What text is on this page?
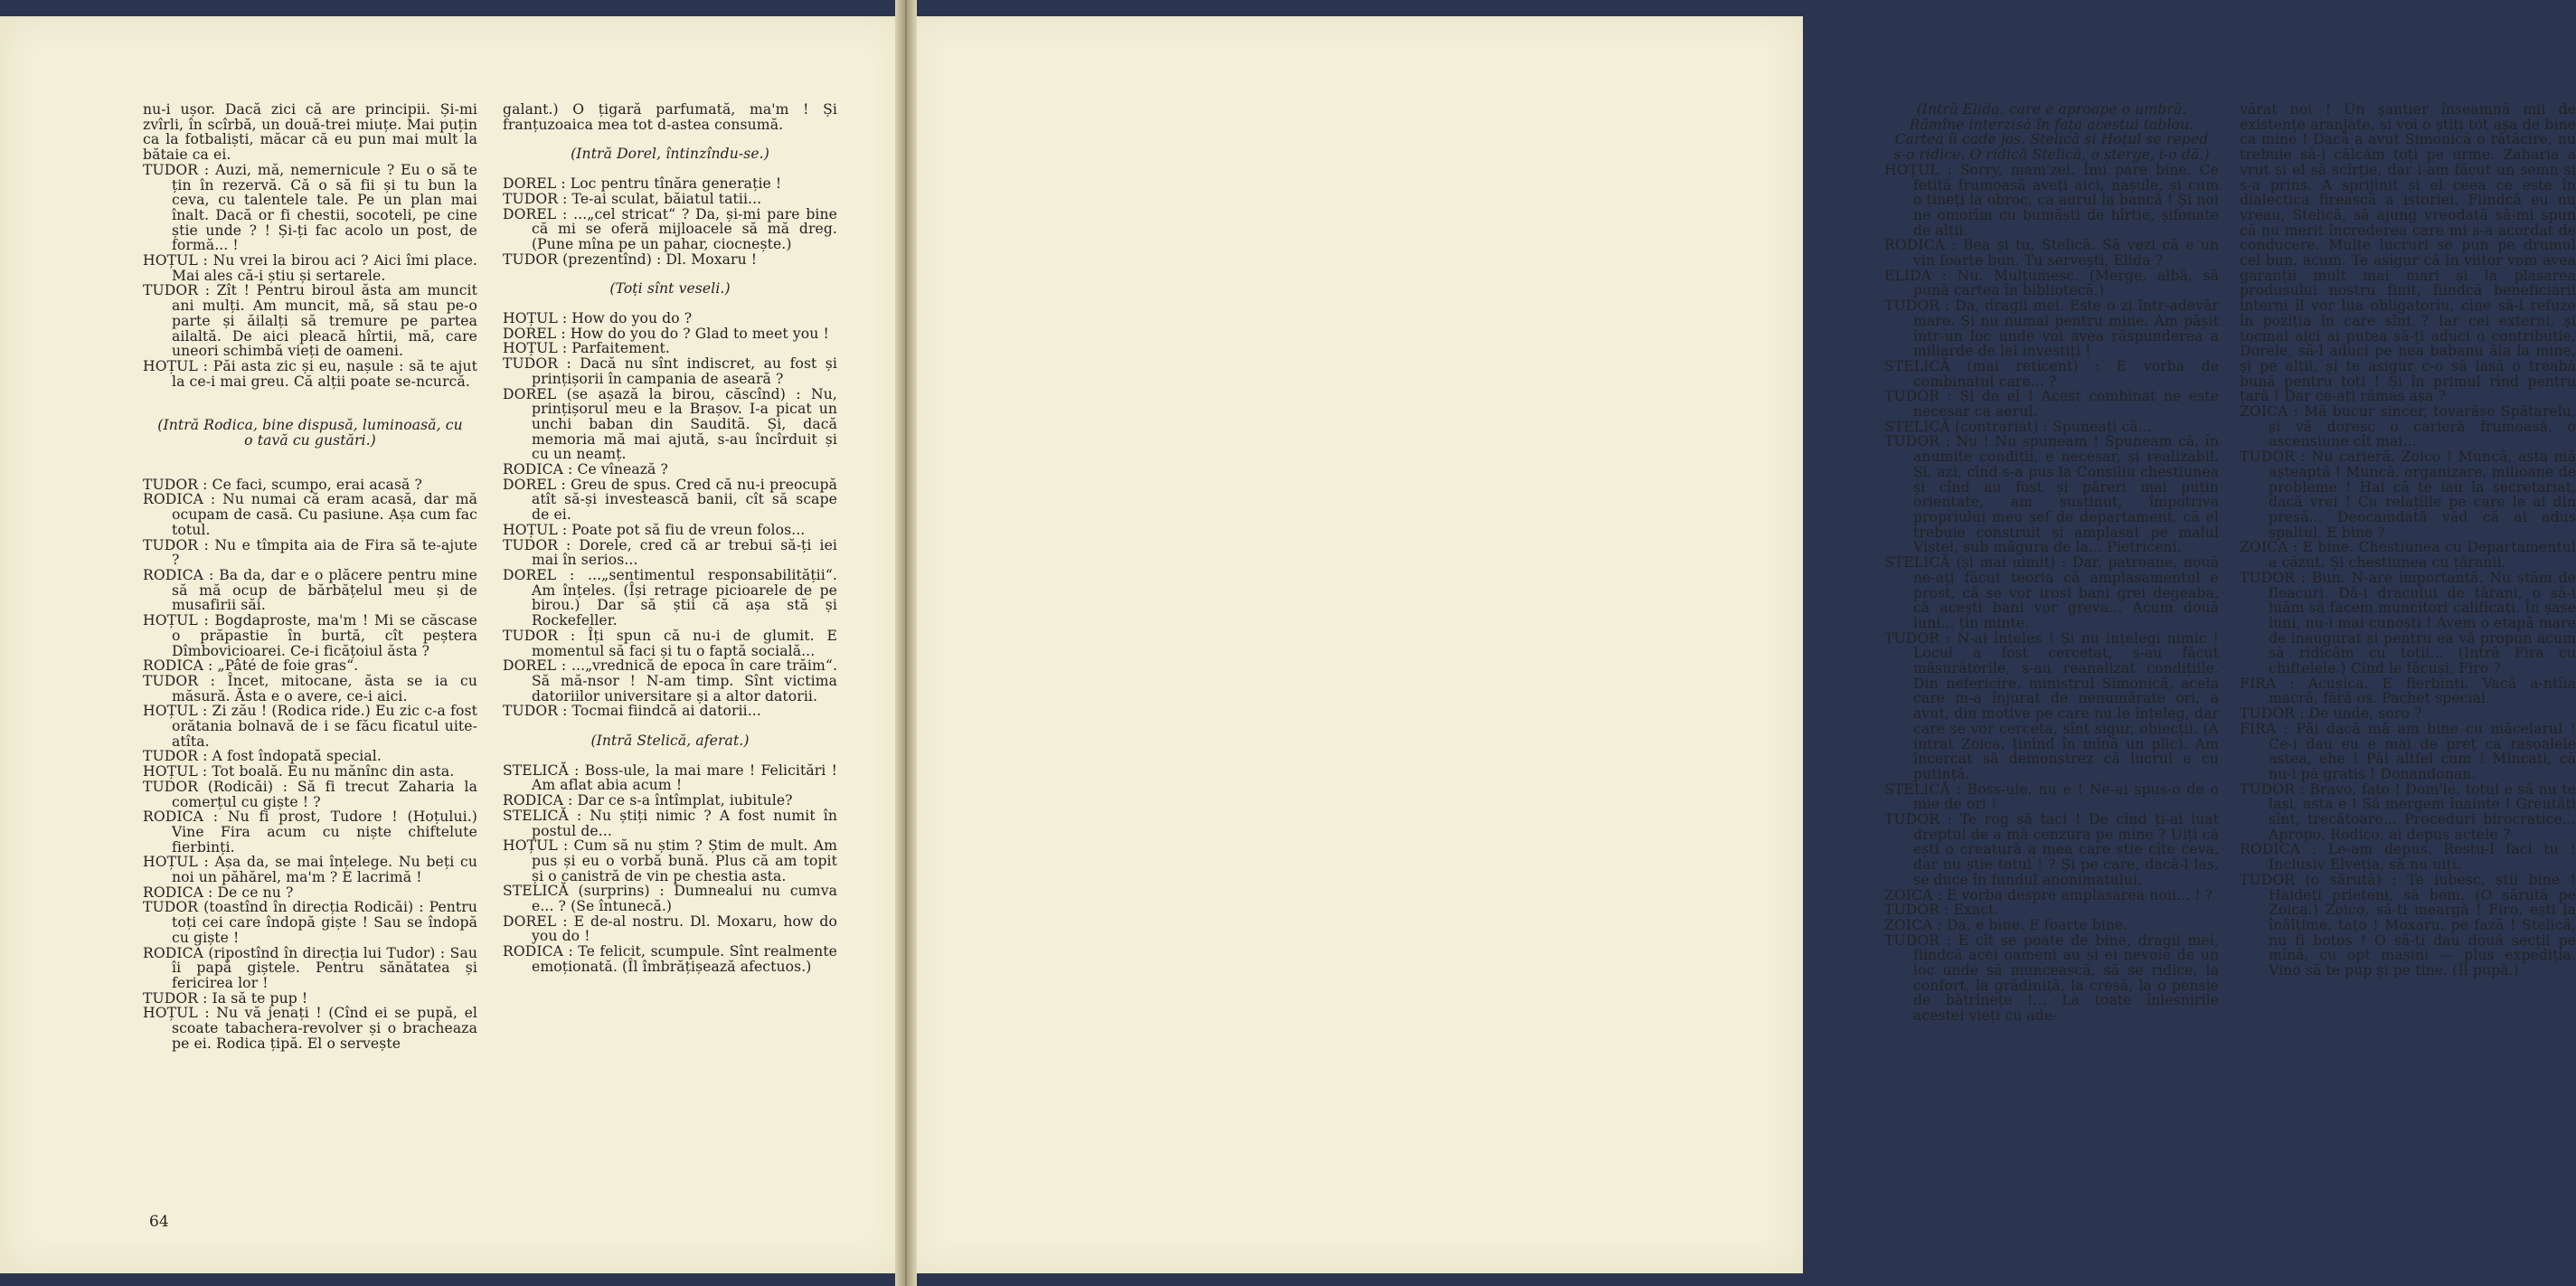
nu-i ușor. Dacă zici că are principii. Și-mi zvîrli, în scîrbă, un două-trei miuțe. Mai puțin ca la fotbaliști, măcar că eu pun mai mult la bătaie ca ei.

TUDOR : Auzi, mă, nemernicule ? Eu o să te țin în rezervă. Că o să fii și tu bun la ceva, cu talentele tale. Pe un plan mai înalt. Dacă or fi chestii, socoteli, pe cine știe unde ? ! Și-ți fac acolo un post, de formă... !

HOȚUL : Nu vrei la birou aci ? Aici îmi place. Mai ales că-i știu și sertarele.

TUDOR : Zît ! Pentru biroul ăsta am muncit ani mulți. Am muncit, mă, să stau pe-o parte și ăilalți să tremure pe partea ailaltă. De aici pleacă hîrtii, mă, care uneori schimbă vieți de oameni.

HOȚUL : Păi asta zic și eu, nașule : să te ajut la ce-i mai greu. Că alții poate se-ncurcă.

(Intră Rodica, bine dispusă, luminoasă, cu o tavă cu gustări.)

TUDOR : Ce faci, scumpo, erai acasă ?

RODICA : Nu numai că eram acasă, dar mă ocupam de casă. Cu pasiune. Așa cum fac totul.

TUDOR : Nu e tîmpita aia de Fira să te-ajute ?

RODICA : Ba da, dar e o plăcere pentru mine să mă ocup de bărbățelul meu și de musafirii săi.

HOȚUL : Bogdaproste, ma'm ! Mi se căscase o prăpastie în burtă, cît peștera Dîmbovicioarei. Ce-i ficățoiul ăsta ?

RODICA : „Pâté de foie gras“.

TUDOR : Încet, mitocane, ăsta se ia cu măsură. Ăsta e o avere, ce-i aici.

HOȚUL : Zi zău ! (Rodica ride.) Eu zic c-a fost orătania bolnavă de i se făcu ficatul uite-atîta.

TUDOR : A fost îndopată special.

HOȚUL : Tot boală. Eu nu mănînc din asta.

TUDOR (Rodicăi) : Să fi trecut Zaharia la comerțul cu giște ! ?

RODICA : Nu fi prost, Tudore ! (Hoțului.) Vine Fira acum cu niște chiftelute fierbinți.

HOȚUL : Așa da, se mai înțelege. Nu beți cu noi un păhărel, ma'm ? E lacrimă !

RODICA : De ce nu ?

TUDOR (toastînd în direcția Rodicăi) : Pentru toți cei care îndopă giște ! Sau se îndopă cu giște !

RODICA (ripostînd în direcția lui Tudor) : Sau îi papă giștele. Pentru sănătatea și fericirea lor !

TUDOR : Ia să te pup !

HOȚUL : Nu vă jenați ! (Cînd ei se pupă, el scoate tabachera-revolver și o bracheaza pe ei. Rodica țipă. El o servește

galant.) O țigară parfumată, ma'm ! Și franțuzoaica mea tot d-astea consumă.

(Intră Dorel, întinzîndu-se.)

DOREL : Loc pentru tînăra generație !

TUDOR : Te-ai sculat, băiatul tatii...

DOREL : ...„cel stricat“ ? Da, și-mi pare bine că mi se oferă mijloacele să mă dreg. (Pune mîna pe un pahar, ciocnește.)

TUDOR (prezentînd) : Dl. Moxaru !

(Toți sînt veseli.)

HOȚUL : How do you do ?

DOREL : How do you do ? Glad to meet you !

HOȚUL : Parfaitement.

TUDOR : Dacă nu sînt indiscret, au fost și prințișorii în campania de aseară ?

DOREL (se așază la birou, căscînd) : Nu, prințișorul meu e la Brașov. I-a picat un unchi baban din Sauditã. Și, dacă memoria mă mai ajută, s-au încîrduit și cu un neamț.

RODICA : Ce vînează ?

DOREL : Greu de spus. Cred că nu-i preocupă atît să-și investească banii, cît să scape de ei.

HOȚUL : Poate pot să fiu de vreun folos...

TUDOR : Dorele, cred că ar trebui să-ți iei mai în serios...

DOREL : ...„sentimentul responsabilității“. Am înțeles. (Își retrage picioarele de pe birou.) Dar să știi că așa stă și Rockefeller.

TUDOR : Îți spun că nu-i de glumit. E momentul să faci și tu o faptă socială...

DOREL : ...„vrednică de epoca în care trăim“. Să mă-nsor ! N-am timp. Sînt victima datoriilor universitare și a altor datorii.

TUDOR : Tocmai fiindcă ai datorii...

(Intră Stelică, aferat.)

STELICĂ : Boss-ule, la mai mare ! Felicitări ! Am aflat abia acum !

RODICA : Dar ce s-a întîmplat, iubitule?

STELICĂ : Nu știți nimic ? A fost numit în postul de...

HOȚUL : Cum să nu știm ? Știm de mult. Am pus și eu o vorbă bună. Plus că am topit și o canistră de vin pe chestia asta.

STELICĂ (surprins) : Dumnealui nu cumva e... ? (Se întunecă.)

DOREL : E de-al nostru. Dl. Moxaru, how do you do !

RODICA : Te felicit, scumpule. Sînt realmente emoționată. (Îl îmbrățișează afectuos.)

64

(Intră Elida, care e aproape o umbră. Rămîne interzisă în fața acestui tablou. Cartea îi cade jos. Stelică și Hoțul se reped s-o ridice. O ridică Stelică, o șterge, i-o dă.)

HOȚUL : Sorry, mam'zel. Îmi pare bine. Ce fetiță frumoasă aveți aici, nașule, și cum o țineți la obroc, ca aurul la bancă ! Și noi ne omorîm cu bumăști de hîrtie, șifonate de alții.

RODICA : Bea și tu, Stelică. Să vezi că e un vin foarte bun. Tu servești, Elida ?

ELIDA : Nu. Mulțumesc. (Merge, albă, să pună cartea în bibliotecă.)

TUDOR : Da, dragii mei. Este o zi într-adevăr mare. Și nu numai pentru mine. Am pășit într-un loc unde voi avea răspunderea a miliarde de lei investiți !

STELICĂ (mai reticent) : E vorba de combinatul care... ?

TUDOR : Și de el ! Acest combinat ne este necesar ca aerul.

STELICĂ (contrariat) : Spuneați că...

TUDOR : Nu ! Nu spuneam ! Spuneam că, în anumite condiții, e necesar, și realizabil. Și, azi, cînd s-a pus la Consiliu chestiunea și cînd au fost și păreri mai puțin orientate, am susținut, împotriva propriului meu șef de departament, că el trebuie construit și amplasat pe malul Viștei, sub măgura de la... Pietriceni.

STELICĂ (și mai uimit) : Dar, patroane, nouă ne-ați făcut teoria că amplasamentul e prost, că se vor irosi bani grei degeaba, că acești bani vor greva... Acum două luni... țin minte.

TUDOR : N-ai înțeles ! Și nu înțelegi nimic ! Locul a fost cercetat, s-au făcut măsurătorile, s-au reanalizat condițiile. Din nefericire, ministrul Simonică, acela care m-a înjurat de nenumărate ori, a avut, din motive pe care nu le înțeleg, dar care se vor cerceta, sînt sigur, obiecții. (A intrat Zoica, ținînd în mînă un plic). Am încercat să demonstrez că lucrul e cu putință.

STELICĂ : Boss-ule, nu e ! Ne-ai spus-o de o mie de ori !

TUDOR : Te rog să taci ! De cînd ți-ai luat dreptul de a mă cenzura pe mine ? Uiți că ești o creatură a mea care știe cîte ceva, dar nu știe totul ! ? Și pe care, dacă-l las, se duce în fundul anonimatului.

ZOICA : E vorba despre amplasarea noii... ! ?

TUDOR : Exact.

ZOICA : Da, e bine. E foarte bine.

TUDOR : E cît se poate de bine, dragii mei, fiindcă acei oameni au și ei nevoie de un loc unde să muncească, să se ridice, la confort, la grădiniță, la creșă, la o pensie de bătrînețe !... La toate înlesnirile acestei vieți cu ade-

vărat noi ! Un șantier înseamnă mii de existențe aranjate, și voi o știți tot așa de bine ca mine ! Dacă a avut Simonică o rătăcire, nu trebuie să-i călcăm toți pe urme. Zaharia a vrut și el să scîrție, dar i-am făcut un semn și s-a prins. A sprijinit și el ceea ce este în dialectica firească a istoriei. Fiindcă eu nu vreau, Stelică, să ajung vreodată să-mi spun că nu merit încrederea care mi s-a acordat de conducere. Multe lucruri se pun pe drumul cel bun, acum. Te asigur că în viitor vom avea garanții mult mai mari și la plasarea produsului nostru finit, fiindcă beneficiarii interni îl vor lua obligatoriu, cine să-l refuze în poziția în care sînt ? Iar cei externi, și tocmai aici ai putea să-ți aduci o contribuție, Dorele, să-l aduci pe nea babanu ăla la mine, și pe alții, și te asigur c-o să iasă o treabă bună pentru toți ! Și în primul rînd pentru țară ! Dar ce-ați rămas așa ?

ZOICA : Mă bucur sincer, tovarășe Spătarelu, și vă doresc o carieră frumoasă, o ascensiune cît mai...

TUDOR : Nu carieră, Zoico ! Muncă, asta mă așteaptă ! Muncă, organizare, milioane de probleme ! Hai că te iau la secretariat, dacă vrei ! Cu relațiile pe care le ai din presă... Deocamdată văd că ai adus șpaltul. E bine ?

ZOICA : E bine. Chestiunea cu Departamentul a căzut. Și chestiunea cu țăranii.

TUDOR : Bun. N-are importanță. Nu stăm de fleacuri. Dă-i dracului de țărani, o să-i luăm să facem muncitori calificați. În șase luni, nu-i mai cunoști ! Avem o etapă mare de inaugurat și pentru ea vă propun acum să ridicăm cu toții... (Intră Fira cu chiftelele.) Cînd le făcuși, Firo ?

FIRA : Acușica. E fierbinți. Vacă a-ntîia macră, fără os. Pachet special.

TUDOR : De unde, soro ?

FIRA : Păi dacă mă am bine cu măcelarul ! Ce-i dau eu e mai de preț ca rasoalele astea, ehe ! Păi altfel cum ! Mîncați, că nu-i pă gratis ! Donandonan.

TUDOR : Bravo, fato ! Dom'le, totul e să nu te lași, asta e ! Să mergem înainte ! Greutăți sînt, trecătoare... Proceduri birocratice... Apropo, Rodico, ai depus actele ?

RODICA : Le-am depus. Restu-l faci tu ! Inclusiv Elveția, să nu uiți.

TUDOR (o sărută) : Te iubesc, știi bine ! Haideți prieteni, să bem. (O sărută pe Zoica.) Zoico, să-ți meargă ! Firo, ești la înălțime, tațo ! Moxaru, pe fază ! Stelică, nu fi botos ! O să-ți dau două secții pe mînă, cu opt mașini — plus expediția. Vino să te pup și pe tine. (Îl pupă.)
